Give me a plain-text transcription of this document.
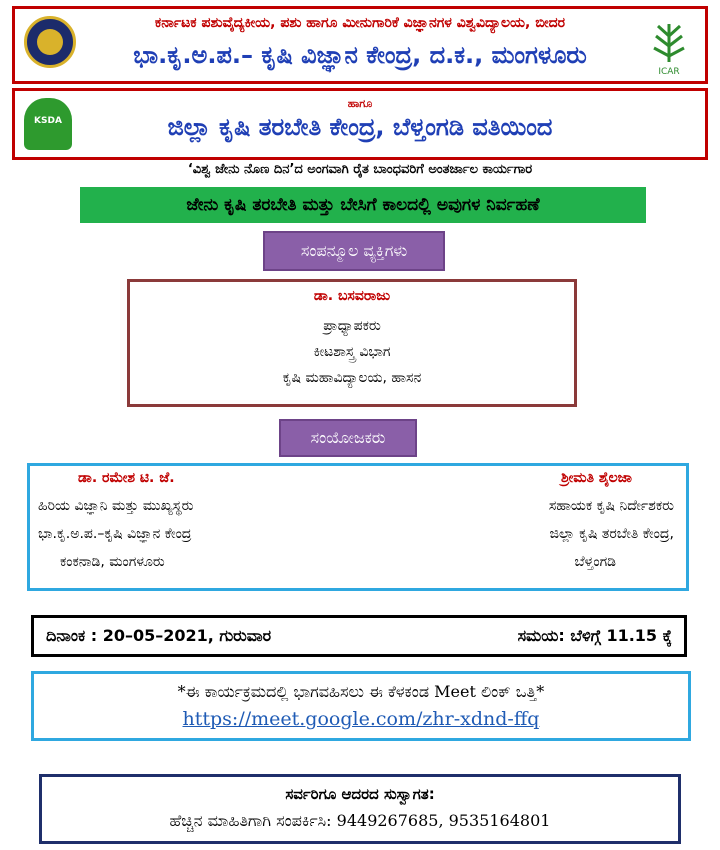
ಕರ್ನಾಟಕ ಪಶುವೈದ್ಯಕೀಯ, ಪಶು ಹಾಗೂ ಮೀನುಗಾರಿಕೆ ವಿಜ್ಞಾನಗಳ ವಿಶ್ವವಿದ್ಯಾಲಯ, ಬೀದರ
ಭಾ.ಕೃ.ಅ.ಪ.– ಕೃಷಿ ವಿಜ್ಞಾನ ಕೇಂದ್ರ, ದ.ಕ., ಮಂಗಳೂರು
ICAR
ಹಾಗೂ
ಜಿಲ್ಲಾ ಕೃಷಿ ತರಬೇತಿ ಕೇಂದ್ರ, ಬೆಳ್ತಂಗಡಿ ವತಿಯಿಂದ
KSDA
‘ವಿಶ್ವ ಜೇನು ನೊಣ ದಿನ’ದ ಅಂಗವಾಗಿ ರೈತ ಬಾಂಧವರಿಗೆ ಅಂತರ್ಜಾಲ ಕಾರ್ಯಗಾರ
ಜೇನು ಕೃಷಿ ತರಬೇತಿ ಮತ್ತು ಬೇಸಿಗೆ ಕಾಲದಲ್ಲಿ ಅವುಗಳ ನಿರ್ವಹಣೆ
ಸಂಪನ್ಮೂಲ ವ್ಯಕ್ತಿಗಳು
ಡಾ. ಬಸವರಾಜು
ಪ್ರಾಧ್ಯಾಪಕರು
ಕೀಟಶಾಸ್ತ್ರ ವಿಭಾಗ
ಕೃಷಿ ಮಹಾವಿದ್ಯಾಲಯ, ಹಾಸನ
ಸಂಯೋಜಕರು
ಡಾ. ರಮೇಶ ಟಿ. ಜೆ.
ಹಿರಿಯ ವಿಜ್ಞಾನಿ ಮತ್ತು ಮುಖ್ಯಸ್ಥರು
ಭಾ.ಕೃ.ಅ.ಪ.–ಕೃಷಿ ವಿಜ್ಞಾನ ಕೇಂದ್ರ
ಕಂಕನಾಡಿ, ಮಂಗಳೂರು
ಶ್ರೀಮತಿ ಶೈಲಜಾ
ಸಹಾಯಕ ಕೃಷಿ ನಿರ್ದೇಶಕರು
ಜಿಲ್ಲಾ ಕೃಷಿ ತರಬೇತಿ ಕೇಂದ್ರ,
ಬೆಳ್ತಂಗಡಿ
ದಿನಾಂಕ : 20–05–2021, ಗುರುವಾರ	ಸಮಯ: ಬೆಳಿಗ್ಗೆ 11.15 ಕ್ಕೆ
*ಈ ಕಾರ್ಯಕ್ರಮದಲ್ಲಿ ಭಾಗವಹಿಸಲು ಈ ಕೆಳಕಂಡ Meet ಲಿಂಕ್ ಒತ್ತಿ*
https://meet.google.com/zhr-xdnd-ffq
ಸರ್ವರಿಗೂ ಆದರದ ಸುಸ್ವಾಗತ:
ಹೆಚ್ಚಿನ ಮಾಹಿತಿಗಾಗಿ ಸಂಪರ್ಕಿಸಿ: 9449267685, 9535164801
